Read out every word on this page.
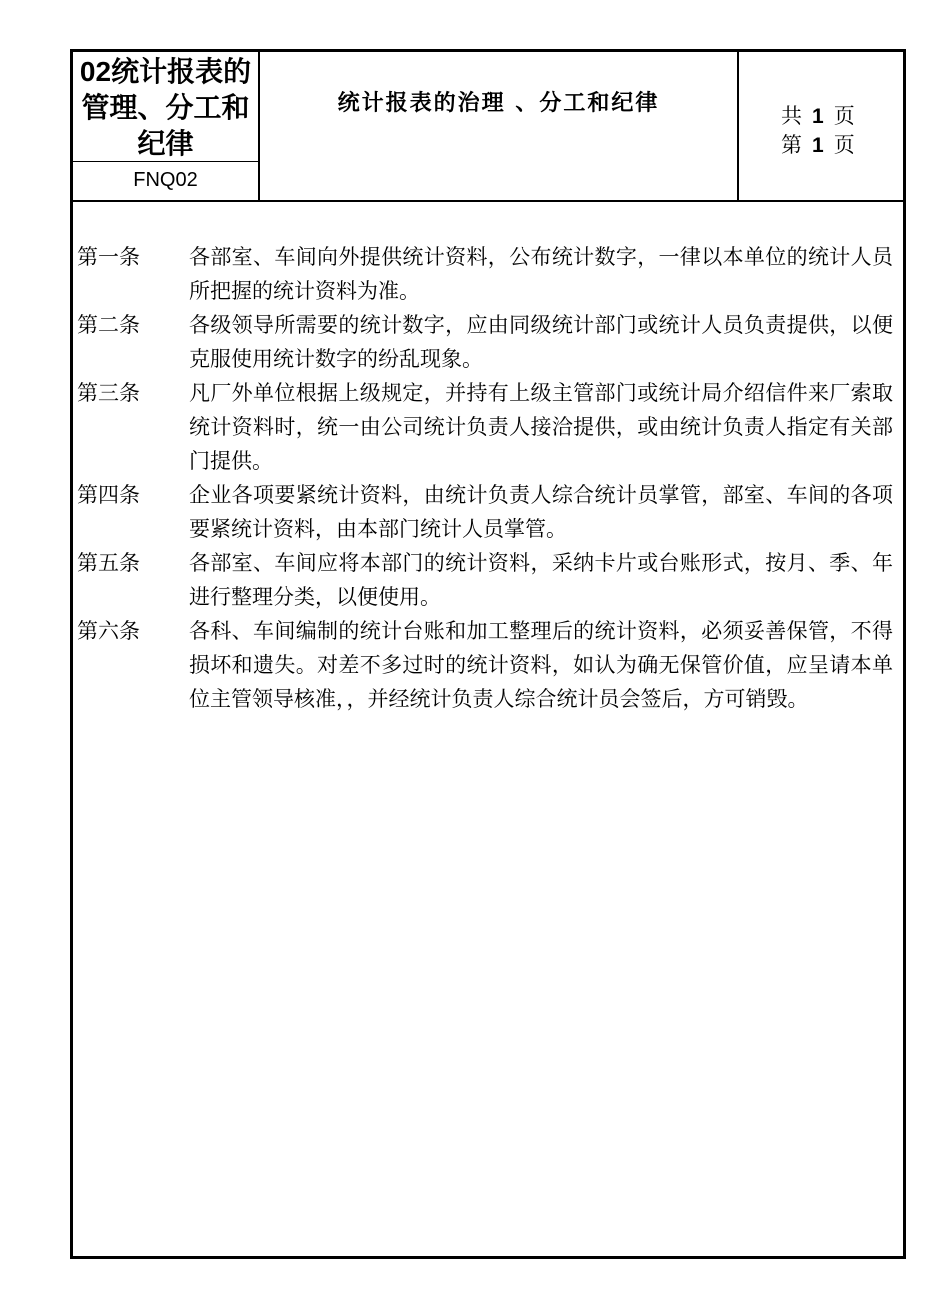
02统计报表的管理、分工和纪律
FNQ02
统计报表的治理 、分工和纪律	共 1 页
第 1 页
第一条	各部室、车间向外提供统计资料，公布统计数字，一律以本单位的统计人员所把握的统计资料为准。
第二条	各级领导所需要的统计数字，应由同级统计部门或统计人员负责提供，以便克服使用统计数字的纷乱现象。
第三条	凡厂外单位根据上级规定，并持有上级主管部门或统计局介绍信件来厂索取统计资料时，统一由公司统计负责人接洽提供，或由统计负责人指定有关部门提供。
第四条	企业各项要紧统计资料，由统计负责人综合统计员掌管，部室、车间的各项要紧统计资料，由本部门统计人员掌管。
第五条	各部室、车间应将本部门的统计资料，采纳卡片或台账形式，按月、季、年进行整理分类，以便使用。
第六条	各科、车间编制的统计台账和加工整理后的统计资料，必须妥善保管，不得损坏和遗失。对差不多过时的统计资料，如认为确无保管价值，应呈请本单位主管领导核准，，并经统计负责人综合统计员会签后，方可销毁。
